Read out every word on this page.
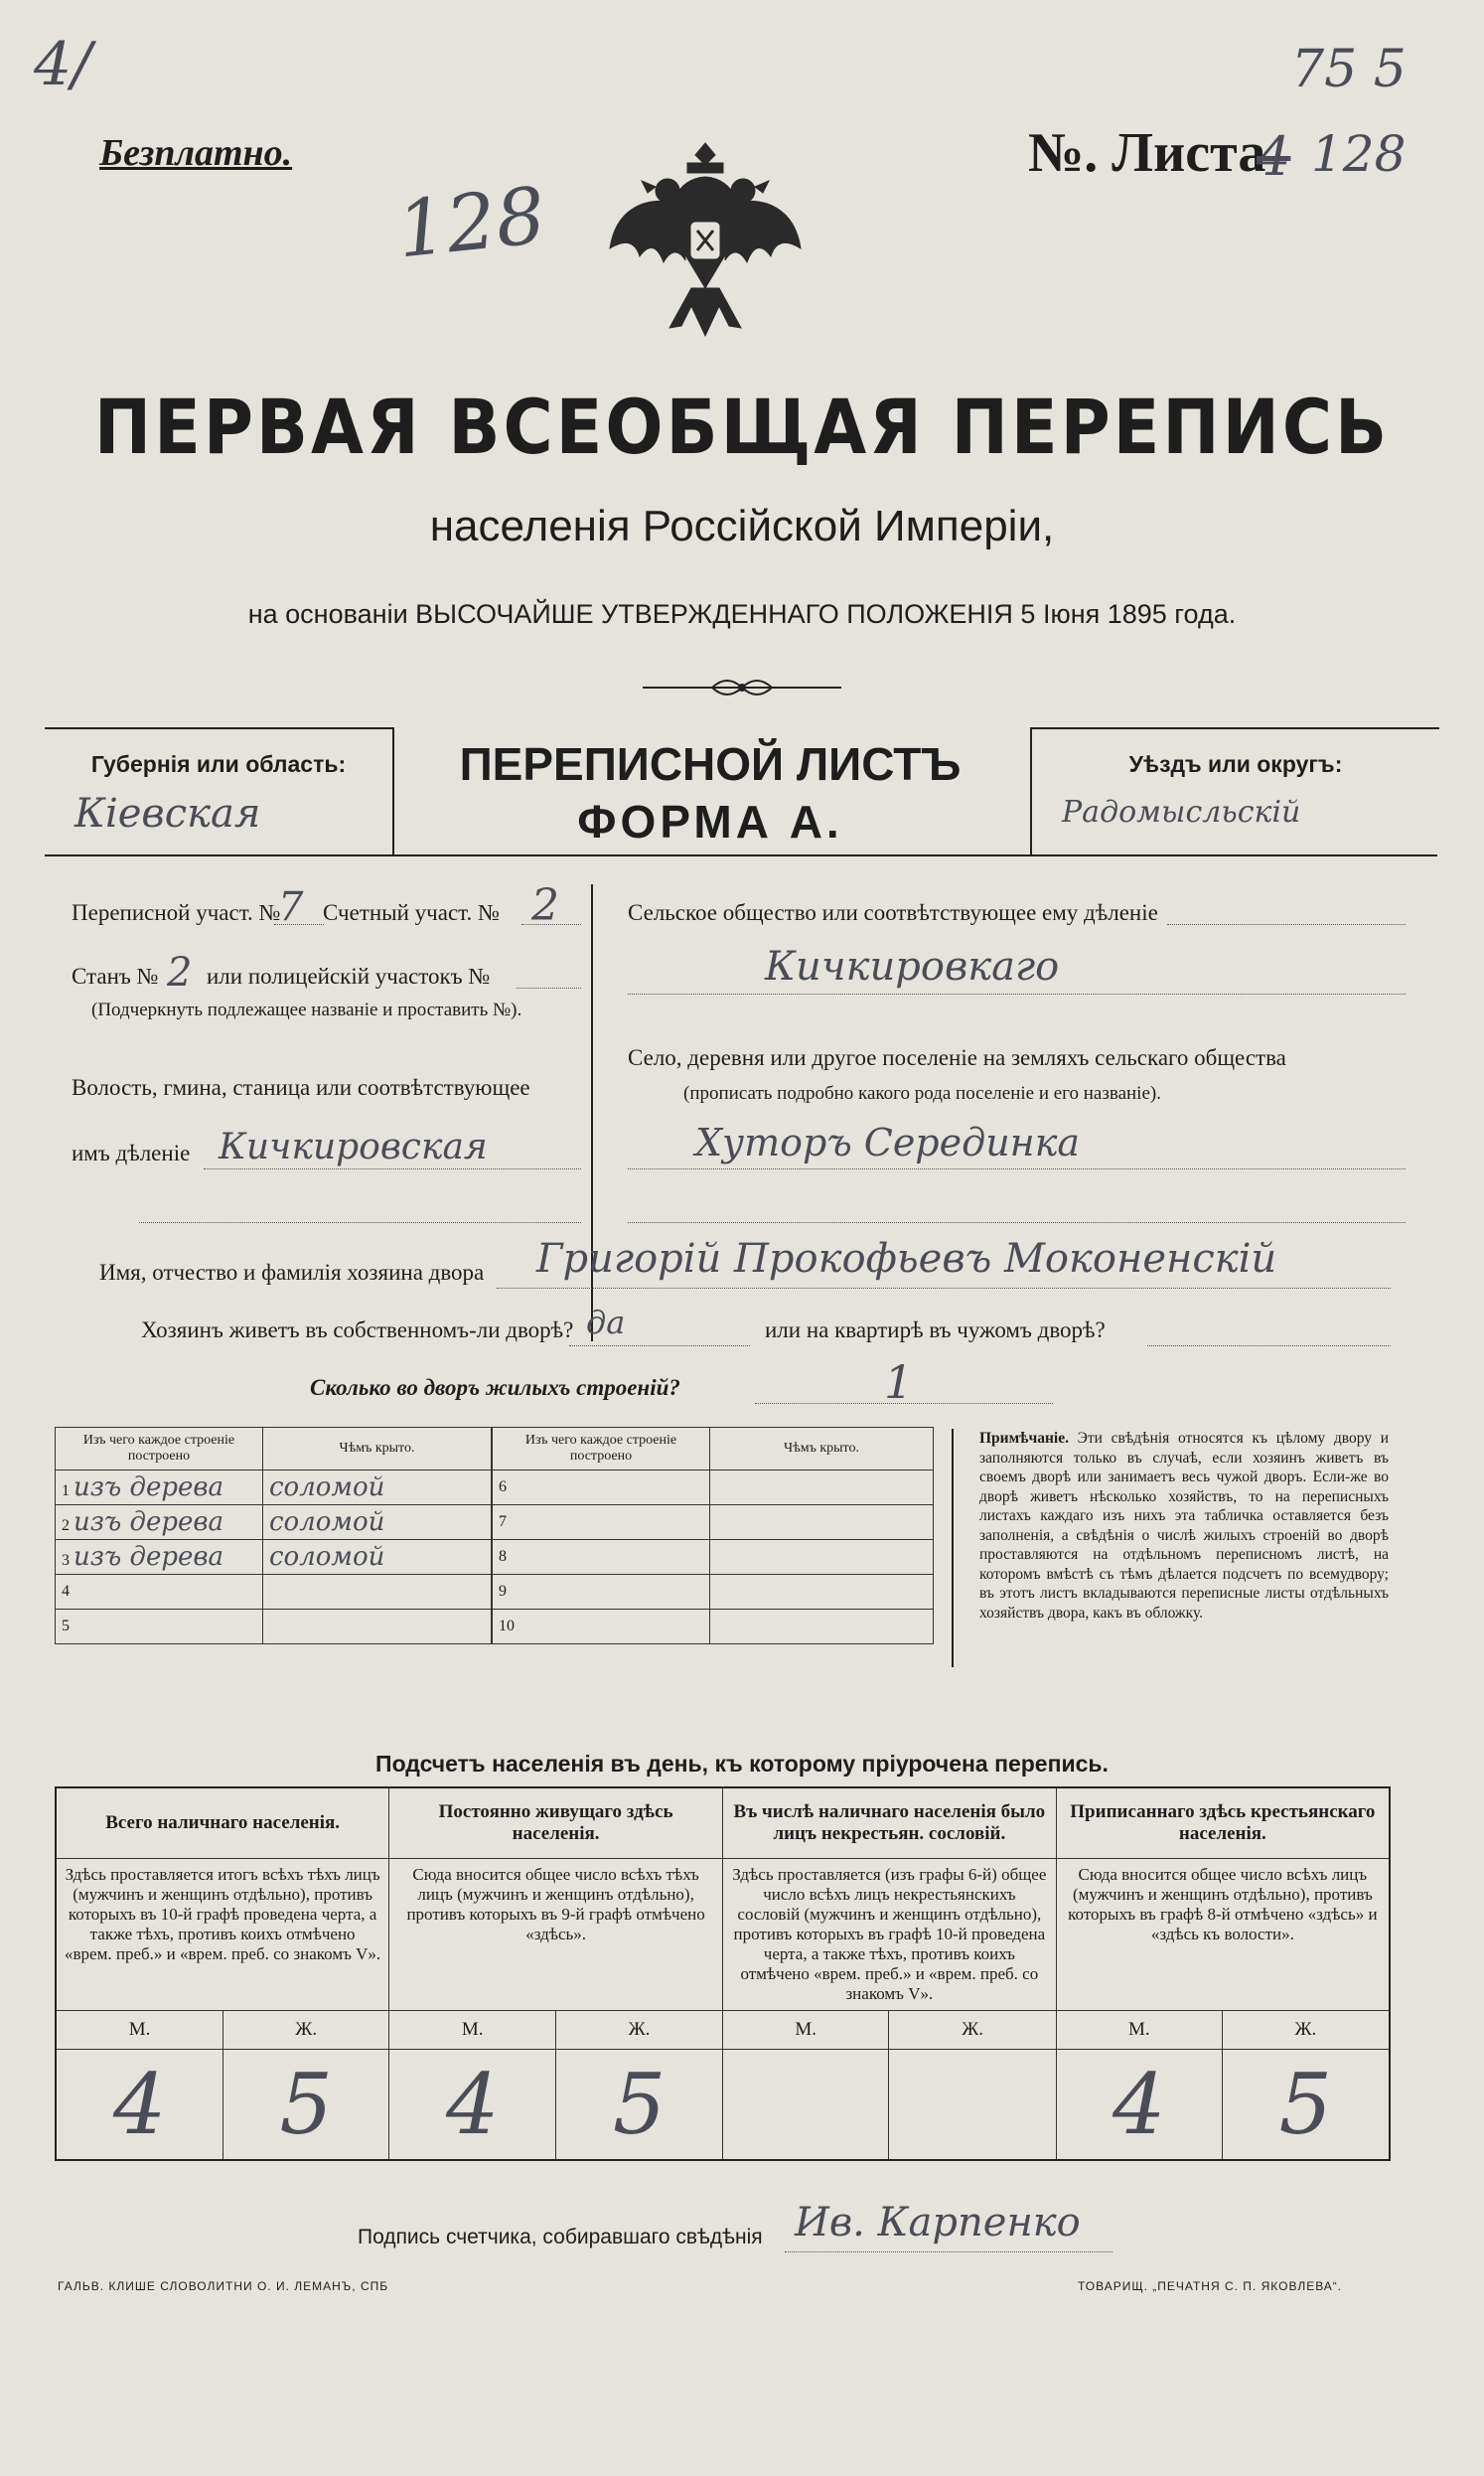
4/	75 5
Безплатно.
128
№. Листа
4 128
ПЕРВАЯ ВСЕОБЩАЯ ПЕРЕПИСЬ
населенія Россійской Имперіи,
на основаніи ВЫСОЧАЙШЕ УТВЕРЖДЕННАГО ПОЛОЖЕНІЯ 5 Іюня 1895 года.
Губернія или область:
Кіевская
ПЕРЕПИСНОЙ ЛИСТЪ
ФОРМА А.
Уѣздъ или округъ:
Радомысльскій
Переписной участ. №
7 Счетный участ. № 2
Станъ № 2 или полицейскій участокъ №
(Подчеркнуть подлежащее названіе и проставить №).
Волость, гмина, станица или соотвѣтствующее
имъ дѣленіе Кичкировская
Сельское общество или соотвѣтствующее ему дѣленіе
Кичкировкаго
Село, деревня или другое поселеніе на земляхъ сельскаго общества
(прописать подробно какого рода поселеніе и его названіе).
Хуторъ Серединка
Имя, отчество и фамилія хозяина двора Григорій Прокофьевъ Моконенскій
Хозяинъ живетъ въ собственномъ-ли дворѣ? да	или на квартирѣ въ чужомъ дворѣ?
Сколько во дворъ жилыхъ строеній?	1
Изъ чего каждое строеніе построено	Чѣмъ крыто.
1 изъ дерева	соломой
2 изъ дерева	соломой
3 изъ дерева	соломой
4	
5	
Изъ чего каждое строеніе построено	Чѣмъ крыто.
6	
7	
8	
9	
10	
Примѣчаніе. Эти свѣдѣнія относятся къ цѣлому двору и заполняются только въ случаѣ, если хозяинъ живетъ въ своемъ дворѣ или занимаетъ весь чужой дворъ. Если-же во дворѣ живетъ нѣсколько хозяйствъ, то на переписныхъ листахъ каждаго изъ нихъ эта табличка оставляется безъ заполненія, а свѣдѣнія о числѣ жилыхъ строеній во дворѣ проставляются на отдѣльномъ переписномъ листѣ, на которомъ вмѣстѣ съ тѣмъ дѣлается подсчетъ по всемудвору; въ этотъ листъ вкладываются переписные листы отдѣльныхъ хозяйствъ двора, какъ въ обложку.
Подсчетъ населенія въ день, къ которому пріурочена перепись.
Всего наличнаго населенія.		Постоянно живущаго здѣсь населенія.		Въ числѣ наличнаго населенія было лицъ некрестьян. сословій.		Приписаннаго здѣсь крестьянскаго населенія.	
Здѣсь проставляется итогъ всѣхъ тѣхъ лицъ (мужчинъ и женщинъ отдѣльно), противъ которыхъ въ 10-й графѣ проведена черта, а также тѣхъ, противъ коихъ отмѣчено «врем. преб.» и «врем. преб. со знакомъ V».		Сюда вносится общее число всѣхъ тѣхъ лицъ (мужчинъ и женщинъ отдѣльно), противъ которыхъ въ 9-й графѣ отмѣчено «здѣсь».		Здѣсь проставляется (изъ графы 6-й) общее число всѣхъ лицъ некрестьянскихъ сословій (мужчинъ и женщинъ отдѣльно), противъ которыхъ въ графѣ 10-й проведена черта, а также тѣхъ, противъ коихъ отмѣчено «врем. преб.» и «врем. преб. со знакомъ V».		Сюда вносится общее число всѣхъ лицъ (мужчинъ и женщинъ отдѣльно), противъ которыхъ въ графѣ 8-й отмѣчено «здѣсь» и «здѣсь къ волости».	
М.	Ж.	М.	Ж.	М.	Ж.	М.	Ж.
4	5	4	5			4	5
Подпись счетчика, собиравшаго свѣдѣнія Ив. Карпенко
ГАЛЬВ. КЛИШЕ СЛОВОЛИТНИ О. И. ЛЕМАНЪ, СПБ	ТОВАРИЩ. „ПЕЧАТНЯ С. П. ЯКОВЛЕВА“.
